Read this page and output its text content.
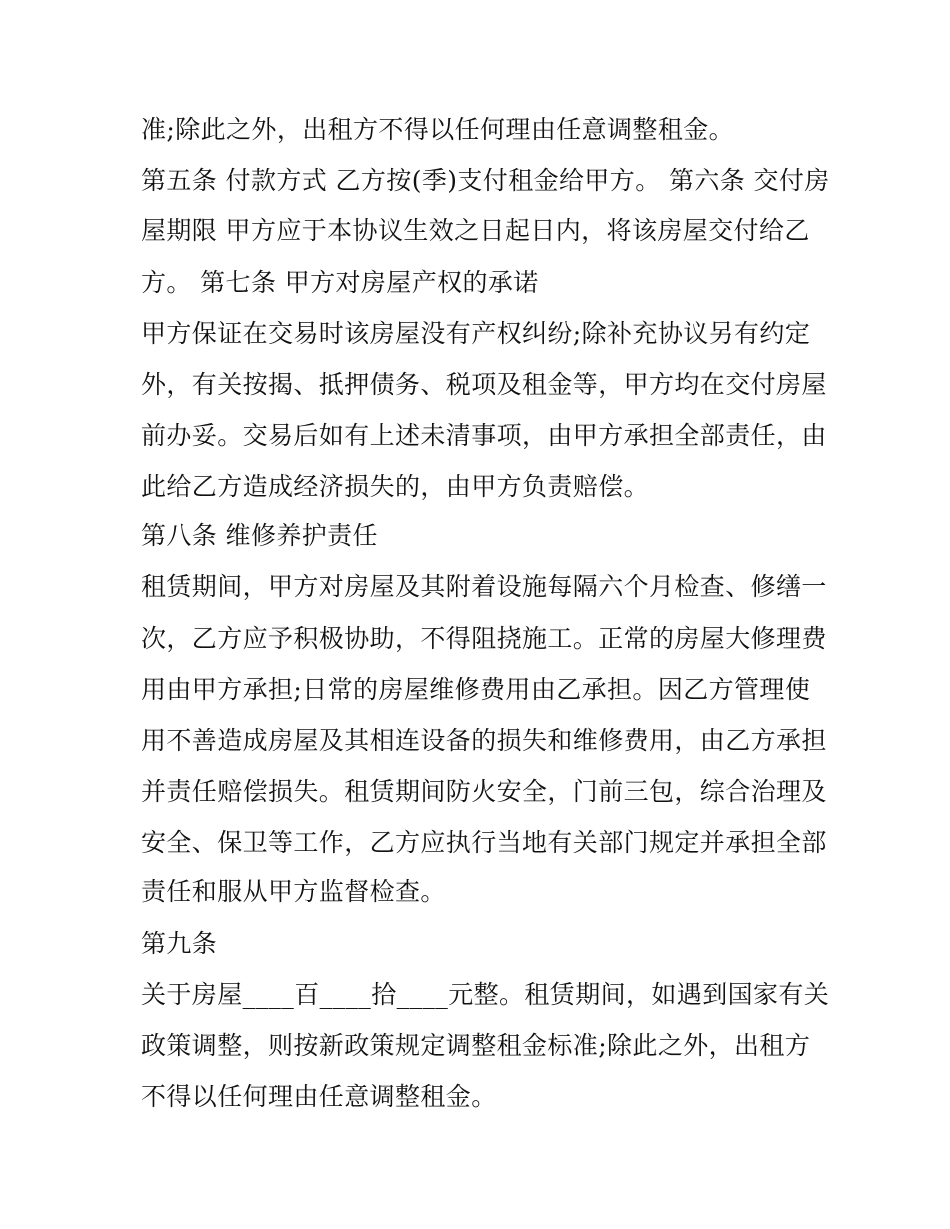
准;除此之外，出租方不得以任何理由任意调整租金。
第五条 付款方式 乙方按(季)支付租金给甲方。 第六条 交付房
屋期限 甲方应于本协议生效之日起日内，将该房屋交付给乙
方。 第七条 甲方对房屋产权的承诺
甲方保证在交易时该房屋没有产权纠纷;除补充协议另有约定
外，有关按揭、抵押债务、税项及租金等，甲方均在交付房屋
前办妥。交易后如有上述未清事项，由甲方承担全部责任，由
此给乙方造成经济损失的，由甲方负责赔偿。
第八条 维修养护责任
租赁期间，甲方对房屋及其附着设施每隔六个月检查、修缮一
次，乙方应予积极协助，不得阻挠施工。正常的房屋大修理费
用由甲方承担;日常的房屋维修费用由乙承担。因乙方管理使
用不善造成房屋及其相连设备的损失和维修费用，由乙方承担
并责任赔偿损失。租赁期间防火安全，门前三包，综合治理及
安全、保卫等工作，乙方应执行当地有关部门规定并承担全部
责任和服从甲方监督检查。
第九条
关于房屋____百____拾____元整。租赁期间，如遇到国家有关
政策调整，则按新政策规定调整租金标准;除此之外，出租方
不得以任何理由任意调整租金。
